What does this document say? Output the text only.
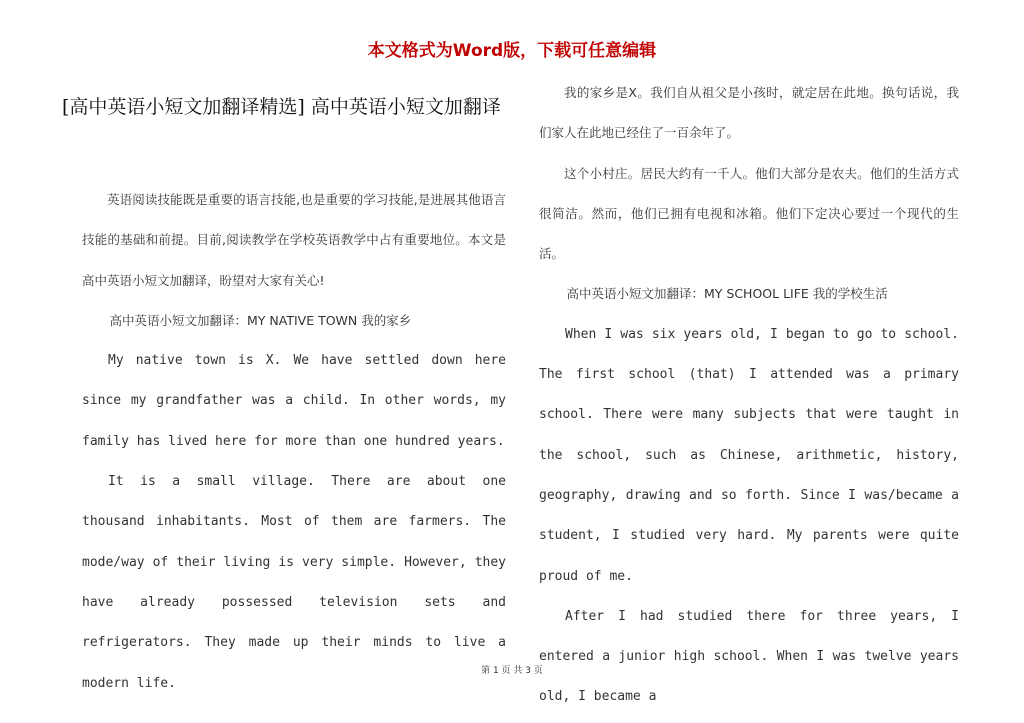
本文格式为Word版，下载可任意编辑
[高中英语小短文加翻译精选] 高中英语小短文加翻译

英语阅读技能既是重要的语言技能,也是重要的学习技能,是进展其他语言技能的基础和前提。目前,阅读教学在学校英语教学中占有重要地位。本文是高中英语小短文加翻译，盼望对大家有关心!

高中英语小短文加翻译：MY NATIVE TOWN 我的家乡

My native town is X. We have settled down here since my grandfather was a child. In other words, my family has lived here for more than one hundred years.

It is a small village. There are about one thousand inhabitants. Most of them are farmers. The mode/way of their living is very simple. However, they have already possessed television sets and refrigerators. They made up their minds to live a modern life.

我的家乡是X。我们自从祖父是小孩时，就定居在此地。换句话说，我们家人在此地已经住了一百余年了。

这个小村庄。居民大约有一千人。他们大部分是农夫。他们的生活方式很简洁。然而，他们已拥有电视和冰箱。他们下定决心要过一个现代的生活。

高中英语小短文加翻译：MY SCHOOL LIFE 我的学校生活

When I was six years old, I began to go to school. The first school (that) I attended was a primary school. There were many subjects that were taught in the school, such as Chinese, arithmetic, history, geography, drawing and so forth. Since I was/became a student, I studied very hard. My parents were quite proud of me.

After I had studied there for three years, I entered a junior high school. When I was twelve years old, I became a

第 1 页 共 3 页
